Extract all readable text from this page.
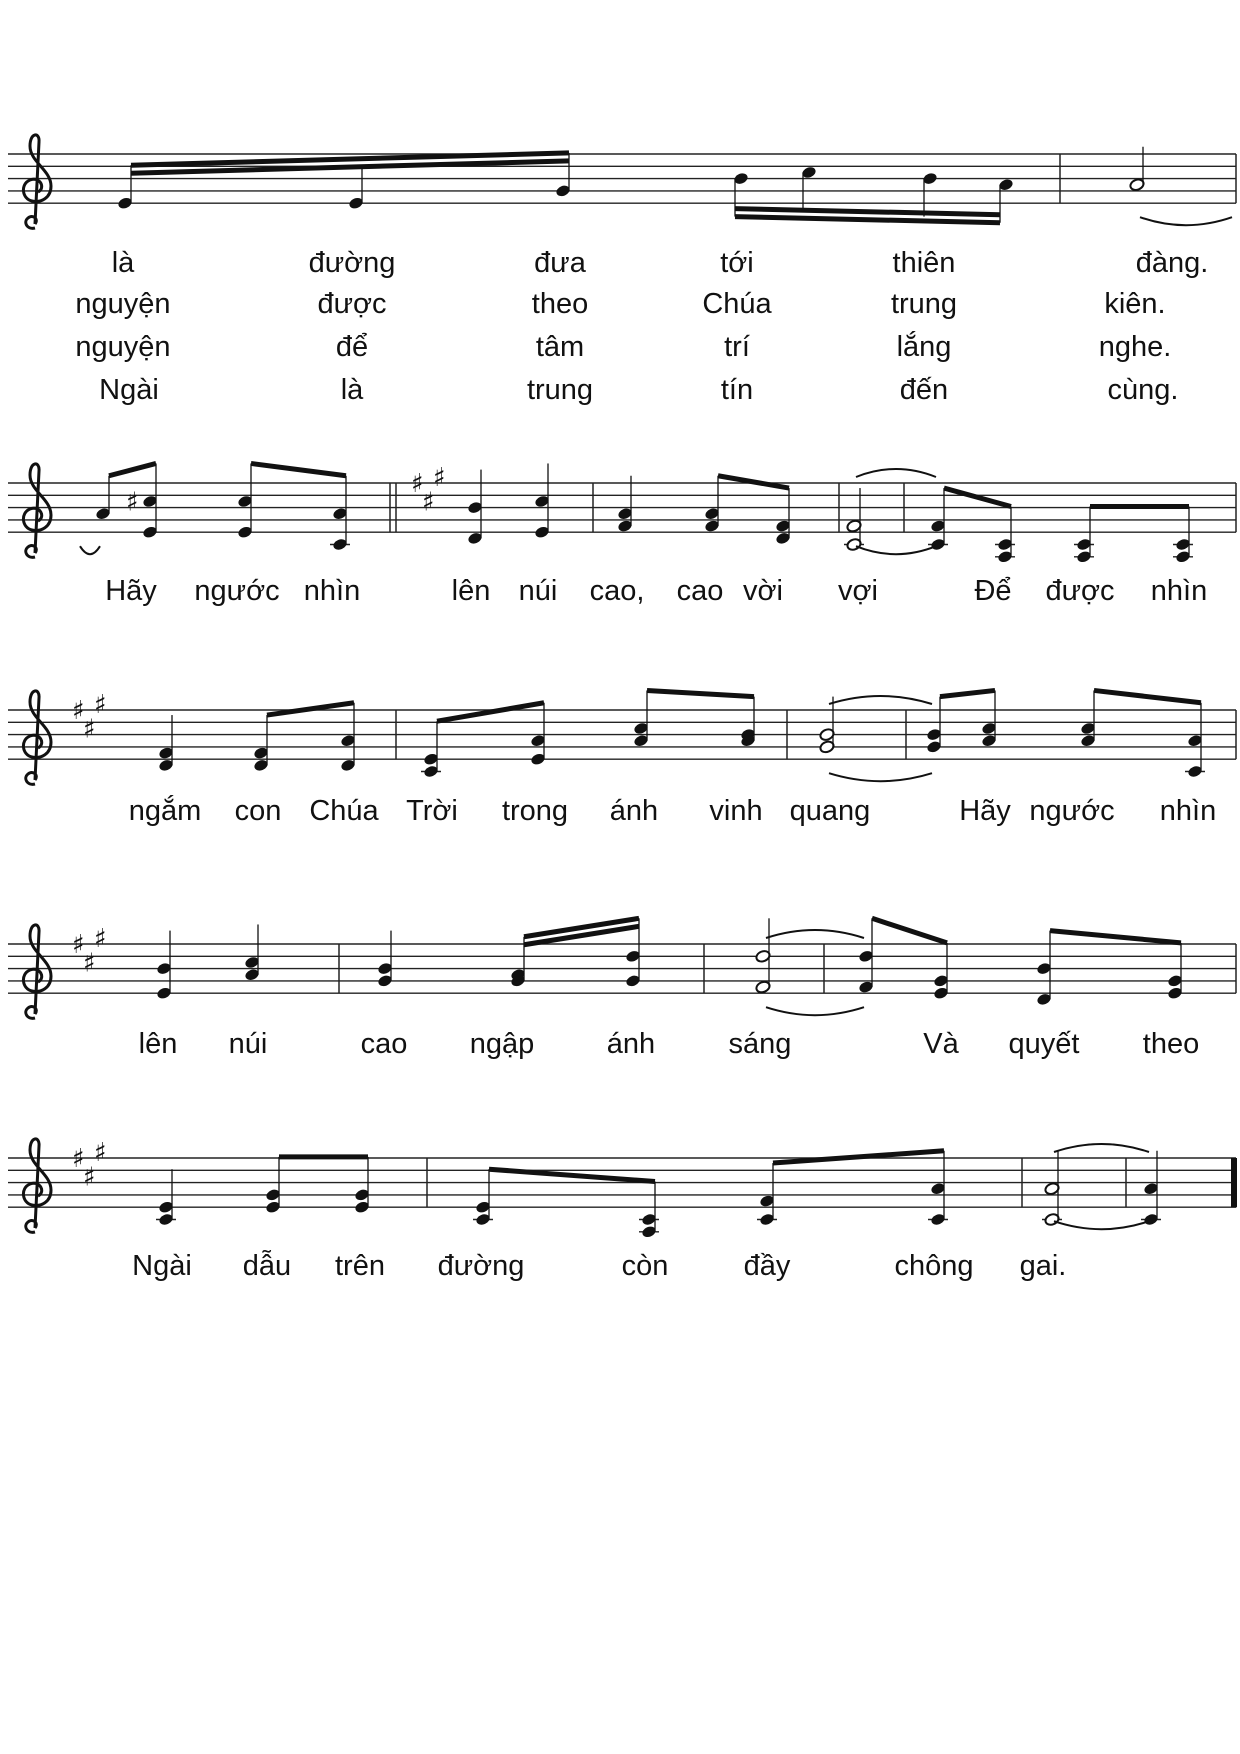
là	đường	đưa	tới	thiên	đàng.
nguyện	được	theo	Chúa	trung	kiên.
nguyện	để	tâm	trí	lắng	nghe.
Ngài	là	trung	tín	đến	cùng.
♯
♯
♯
♯
Hãy ngước nhìn	lên núi cao, cao vời vợi	Để được nhìn
♯
♯
♯
ngắm con Chúa Trời trong ánh vinh quang	Hãy ngước nhìn
♯
♯
♯
lên núi	cao ngập	ánh	sáng	Và quyết theo
♯
♯
♯
Ngài dẫu trên đường	còn	đầy	chông gai.
